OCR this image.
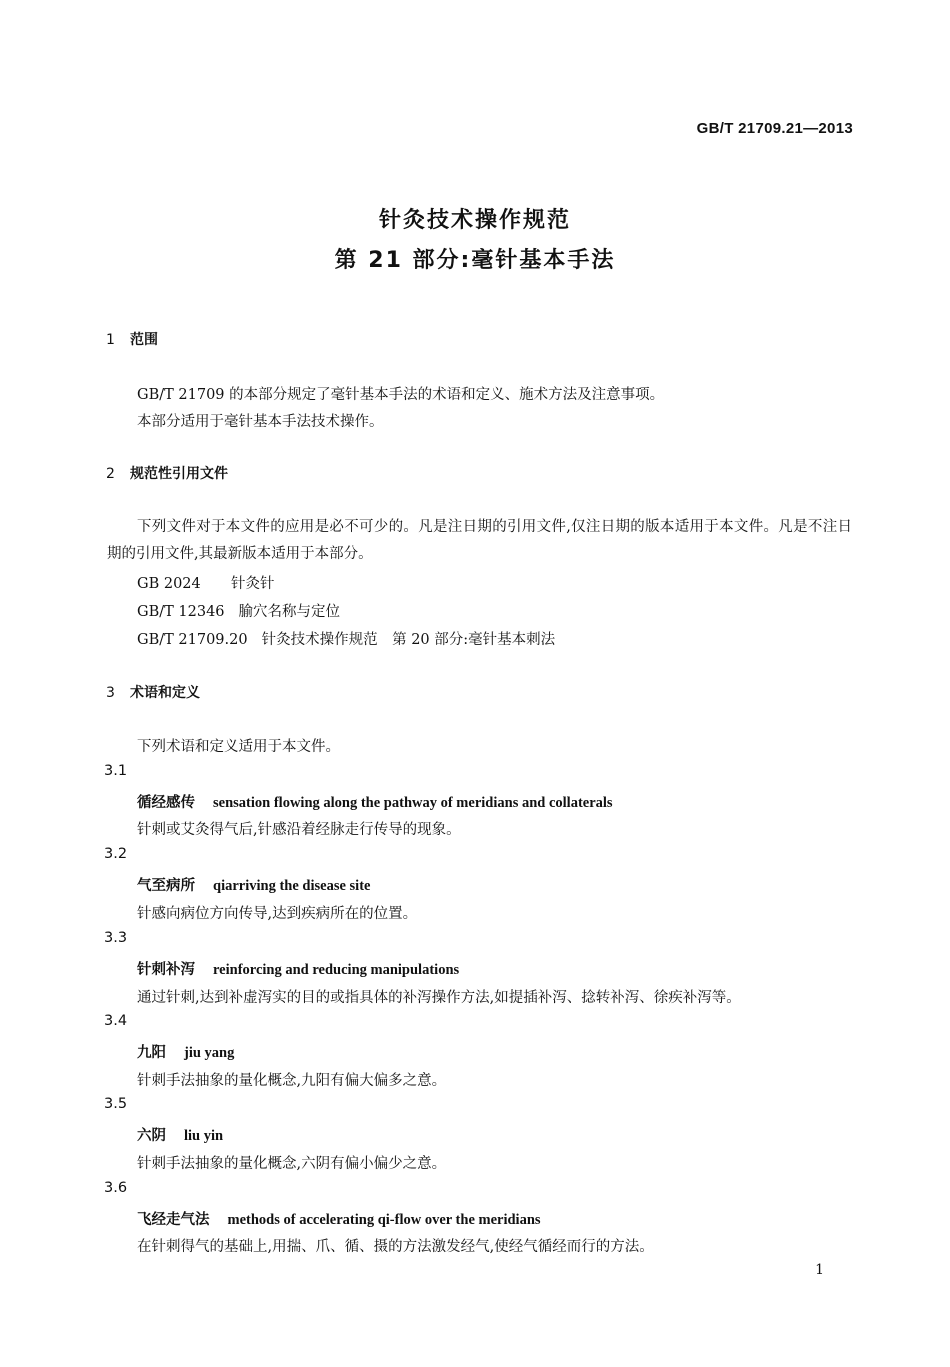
GB/T 21709.21—2013
针灸技术操作规范
第 21 部分:毫针基本手法
1 范围
GB/T 21709 的本部分规定了毫针基本手法的术语和定义、施术方法及注意事项。
本部分适用于毫针基本手法技术操作。
2 规范性引用文件
下列文件对于本文件的应用是必不可少的。凡是注日期的引用文件,仅注日期的版本适用于本文件。凡是不注日期的引用文件,其最新版本适用于本部分。
GB 2024 针灸针
GB/T 12346 腧穴名称与定位
GB/T 21709.20 针灸技术操作规范　第 20 部分:毫针基本刺法
3 术语和定义
下列术语和定义适用于本文件。
3.1
循经感传 sensation flowing along the pathway of meridians and collaterals
针刺或艾灸得气后,针感沿着经脉走行传导的现象。
3.2
气至病所 qiarriving the disease site
针感向病位方向传导,达到疾病所在的位置。
3.3
针刺补泻 reinforcing and reducing manipulations
通过针刺,达到补虚泻实的目的或指具体的补泻操作方法,如提插补泻、捻转补泻、徐疾补泻等。
3.4
九阳 jiu yang
针刺手法抽象的量化概念,九阳有偏大偏多之意。
3.5
六阴 liu yin
针刺手法抽象的量化概念,六阴有偏小偏少之意。
3.6
飞经走气法 methods of accelerating qi-flow over the meridians
在针刺得气的基础上,用揣、爪、循、摄的方法激发经气,使经气循经而行的方法。
1
